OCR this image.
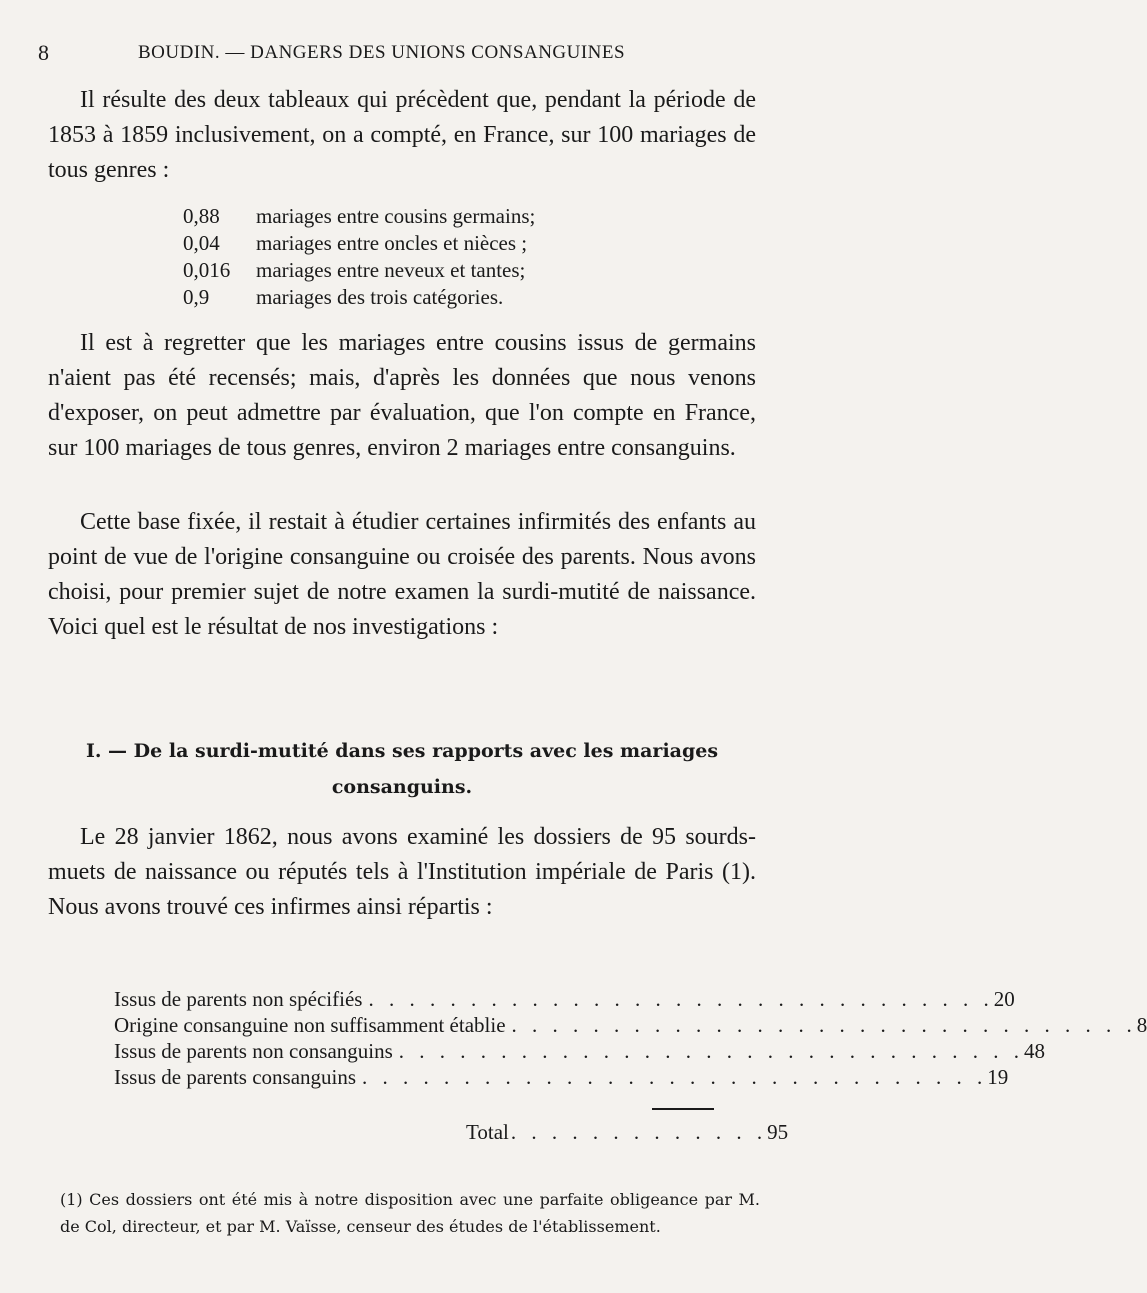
8	BOUDIN. — DANGERS DES UNIONS CONSANGUINES

Il résulte des deux tableaux qui précèdent que, pendant la période de 1853 à 1859 inclusivement, on a compté, en France, sur 100 mariages de tous genres :

0,88	mariages entre cousins germains;
0,04	mariages entre oncles et nièces ;
0,016	mariages entre neveux et tantes;
0,9	mariages des trois catégories.

Il est à regretter que les mariages entre cousins issus de germains n'aient pas été recensés; mais, d'après les données que nous venons d'exposer, on peut admettre par évaluation, que l'on compte en France, sur 100 mariages de tous genres, environ 2 mariages entre consanguins.

Cette base fixée, il restait à étudier certaines infirmités des enfants au point de vue de l'origine consanguine ou croisée des parents. Nous avons choisi, pour premier sujet de notre examen la surdi-mutité de naissance. Voici quel est le résultat de nos investigations :

I. — De la surdi-mutité dans ses rapports avec les mariages consanguins.

Le 28 janvier 1862, nous avons examiné les dossiers de 95 sourds-muets de naissance ou réputés tels à l'Institution impériale de Paris (1). Nous avons trouvé ces infirmes ainsi répartis :

Issus de parents non spécifiés . . . . . . . . . . . . . . . . . . . . . . . . . . . . . . . 20
Origine consanguine non suffisamment établie . . . . . . . . . . . . . . . . . . . . . . . . . . . . . . . 8
Issus de parents non consanguins . . . . . . . . . . . . . . . . . . . . . . . . . . . . . . . 48
Issus de parents consanguins . . . . . . . . . . . . . . . . . . . . . . . . . . . . . . . 19
Total . . . . . . . . . . . . . 95

(1) Ces dossiers ont été mis à notre disposition avec une parfaite obligeance par M. de Col, directeur, et par M. Vaïsse, censeur des études de l'établissement.
